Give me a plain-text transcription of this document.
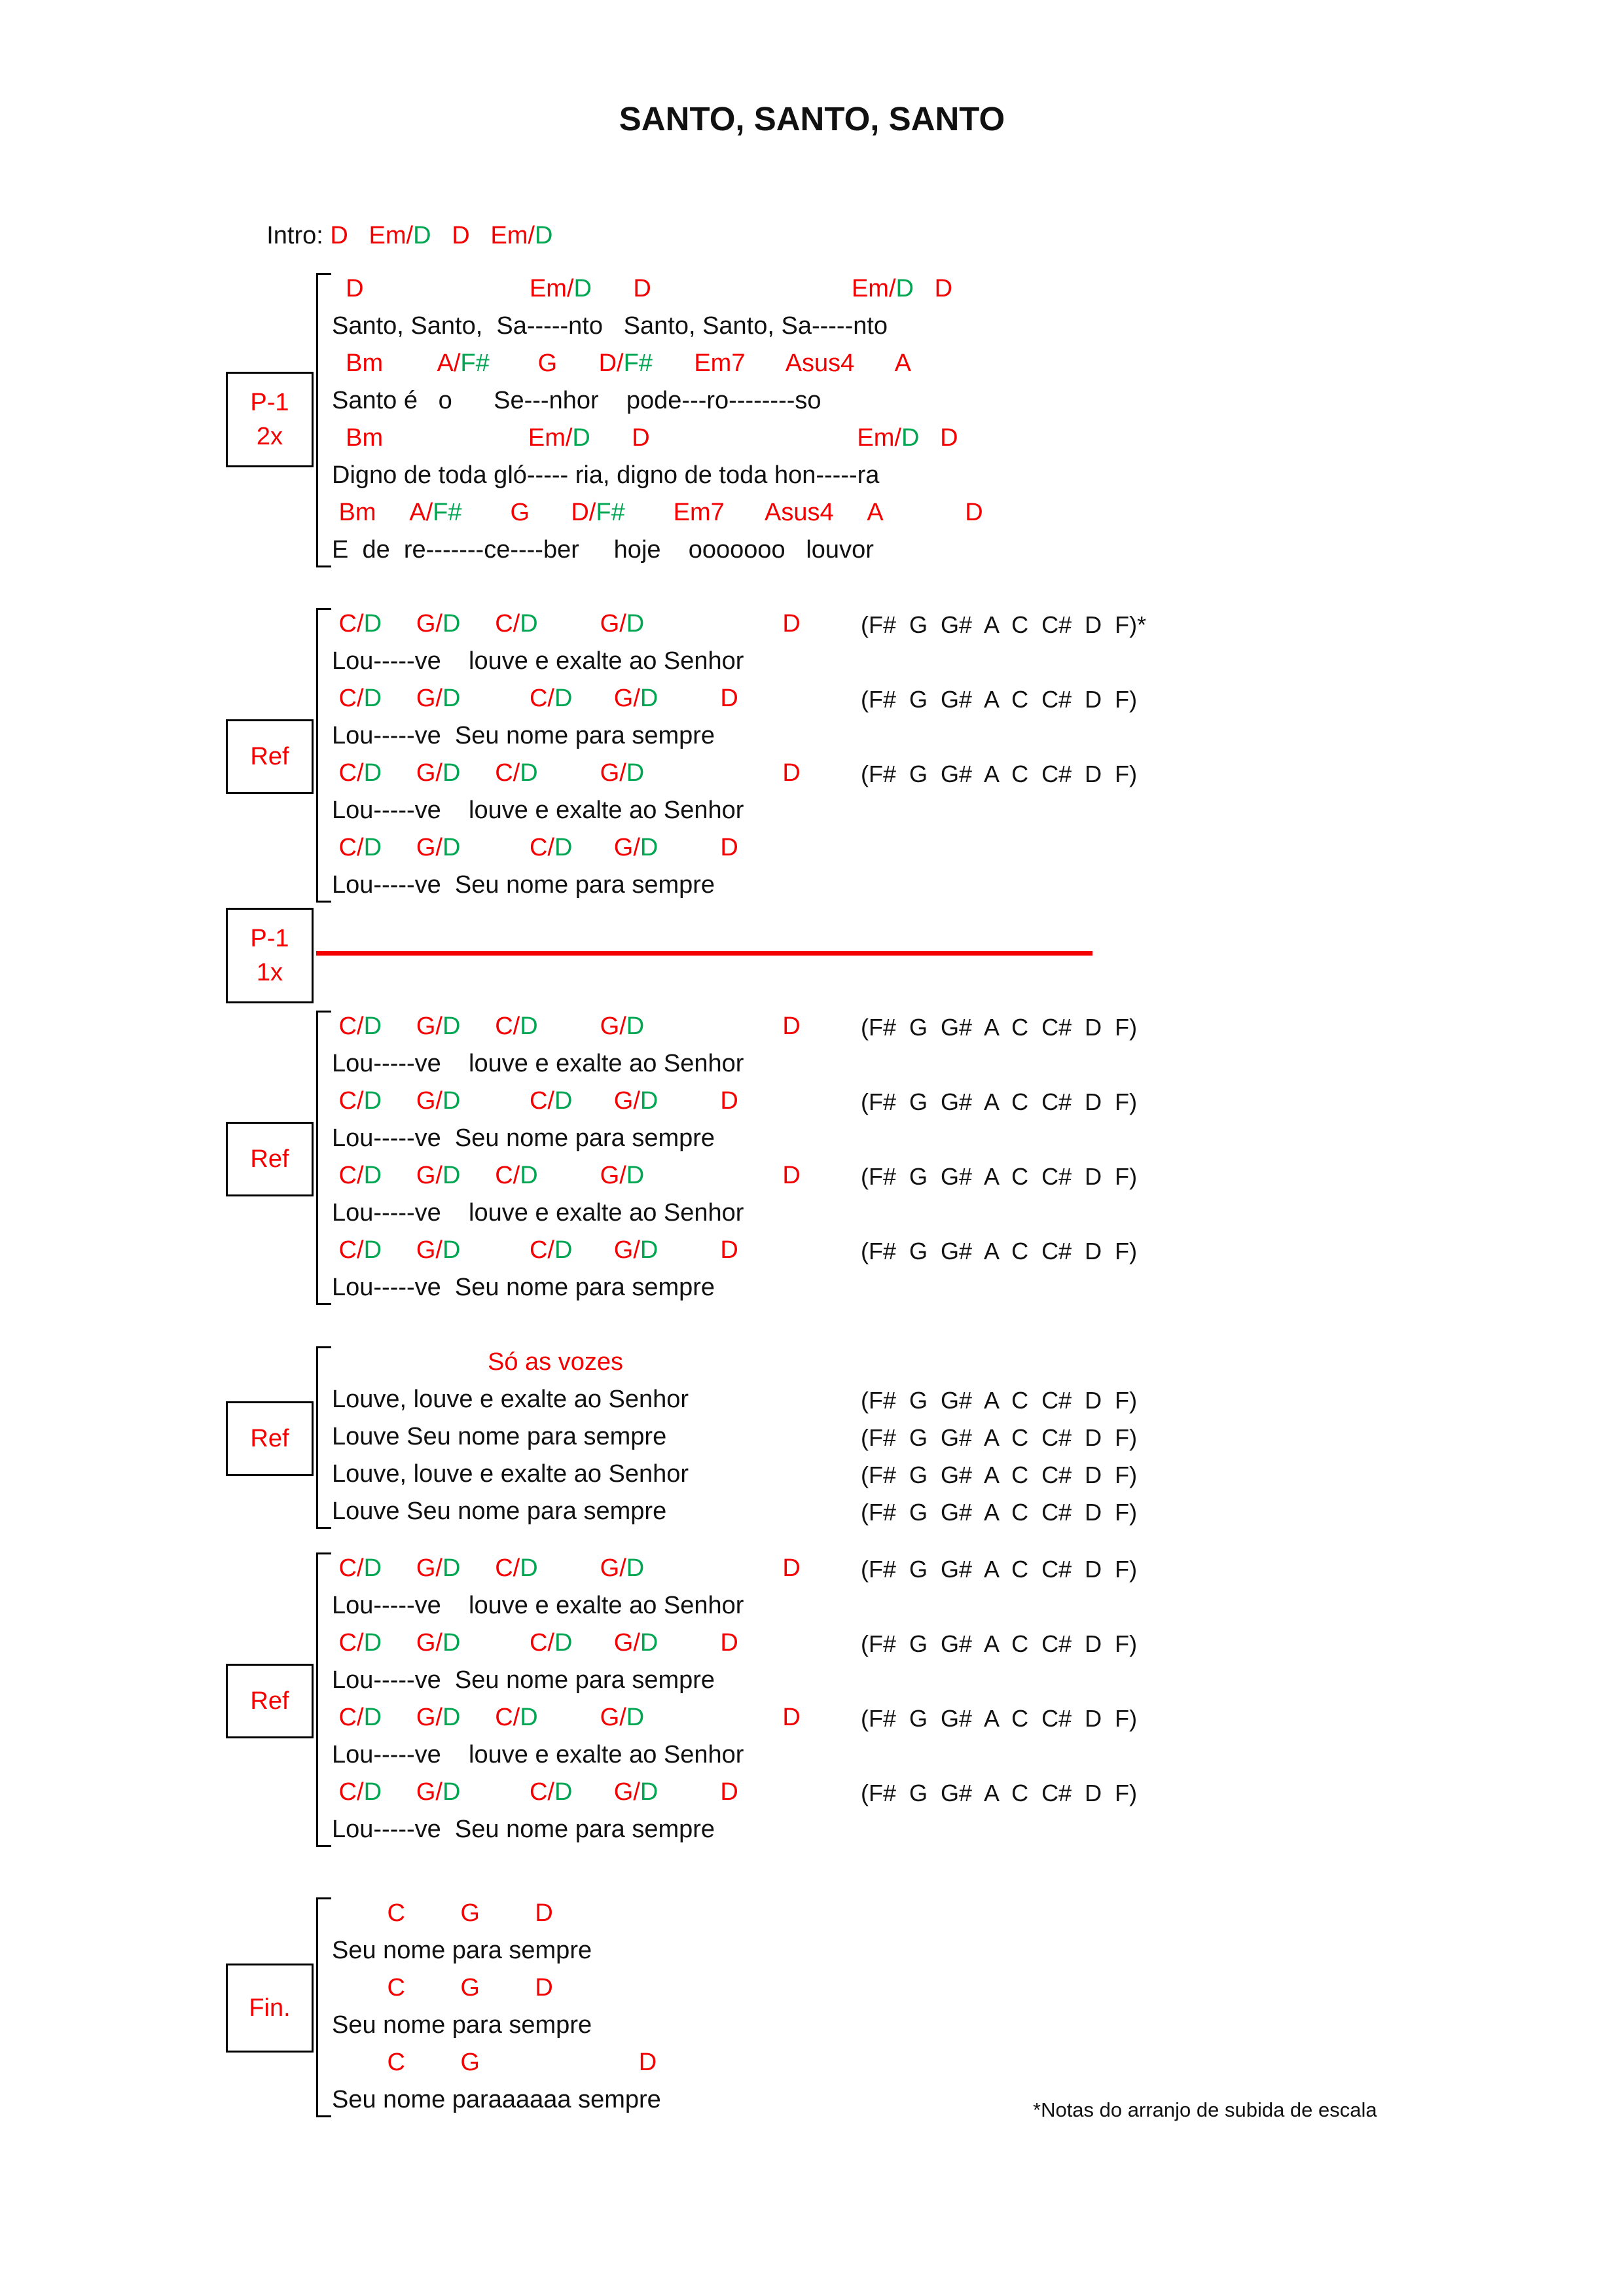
SANTO, SANTO, SANTO

Intro: D Em/D D Em/D

P-1
2x
D	Em/D D	Em/D D
Santo, Santo,  Sa-----nto   Santo, Santo, Sa-----nto
Bm A/F# G D/F# Em7 Asus4 A
Santo é   o      Se---nhor    pode---ro--------so
Bm	Em/D D	Em/D D
Digno de toda gló----- ria, digno de toda hon-----ra
Bm A/F# G D/F# Em7 Asus4 A	D
E  de  re-------ce----ber     hoje    ooooooo   louvor
Ref
C/D G/D C/D	G/D	D	(F#  G  G#  A  C  C#  D  F)*
Lou-----ve    louve e exalte ao Senhor
C/D G/D	C/D G/D	D	(F#  G  G#  A  C  C#  D  F)
Lou-----ve  Seu nome para sempre
C/D G/D C/D	G/D	D	(F#  G  G#  A  C  C#  D  F)
Lou-----ve    louve e exalte ao Senhor
C/D G/D	C/D G/D	D
Lou-----ve  Seu nome para sempre
P-1
1x
Ref
C/D G/D C/D	G/D	D	(F#  G  G#  A  C  C#  D  F)
Lou-----ve    louve e exalte ao Senhor
C/D G/D	C/D G/D	D	(F#  G  G#  A  C  C#  D  F)
Lou-----ve  Seu nome para sempre
C/D G/D C/D	G/D	D	(F#  G  G#  A  C  C#  D  F)
Lou-----ve    louve e exalte ao Senhor
C/D G/D	C/D G/D	D	(F#  G  G#  A  C  C#  D  F)
Lou-----ve  Seu nome para sempre
Ref
Só as vozes
Louve, louve e exalte ao Senhor	(F#  G  G#  A  C  C#  D  F)
Louve Seu nome para sempre	(F#  G  G#  A  C  C#  D  F)
Louve, louve e exalte ao Senhor	(F#  G  G#  A  C  C#  D  F)
Louve Seu nome para sempre	(F#  G  G#  A  C  C#  D  F)
Ref
C/D G/D C/D	G/D	D	(F#  G  G#  A  C  C#  D  F)
Lou-----ve    louve e exalte ao Senhor
C/D G/D	C/D G/D	D	(F#  G  G#  A  C  C#  D  F)
Lou-----ve  Seu nome para sempre
C/D G/D C/D	G/D	D	(F#  G  G#  A  C  C#  D  F)
Lou-----ve    louve e exalte ao Senhor
C/D G/D	C/D G/D	D	(F#  G  G#  A  C  C#  D  F)
Lou-----ve  Seu nome para sempre
Fin.
C G D
Seu nome para sempre
C G D
Seu nome para sempre
C G	D
Seu nome paraaaaaa sempre	*Notas do arranjo de subida de escala
